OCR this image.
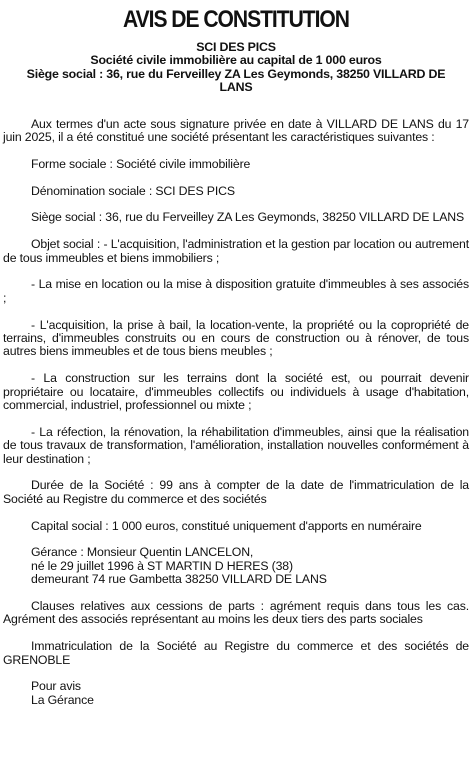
AVIS DE CONSTITUTION
SCI DES PICS
Société civile immobilière au capital de 1 000 euros
Siège social : 36, rue du Ferveilley ZA Les Geymonds, 38250 VILLARD DE
LANS
Aux termes d'un acte sous signature privée en date à VILLARD DE LANS du 17 juin 2025, il a été constitué une société présentant les caractéristiques suivantes :
Forme sociale : Société civile immobilière
Dénomination sociale : SCI DES PICS
Siège social : 36, rue du Ferveilley ZA Les Geymonds, 38250 VILLARD DE LANS
Objet social : - L'acquisition, l'administration et la gestion par location ou autrement de tous immeubles et biens immobiliers ;
- La mise en location ou la mise à disposition gratuite d'immeubles à ses associés ;
- L'acquisition, la prise à bail, la location-vente, la propriété ou la copropriété de terrains, d'immeubles construits ou en cours de construction ou à rénover, de tous autres biens immeubles et de tous biens meubles ;
- La construction sur les terrains dont la société est, ou pourrait devenir propriétaire ou locataire, d'immeubles collectifs ou individuels à usage d'habitation, commercial, industriel, professionnel ou mixte ;
- La réfection, la rénovation, la réhabilitation d'immeubles, ainsi que la réalisation de tous travaux de transformation, l'amélioration, installation nouvelles conformément à leur destination ;
Durée de la Société : 99 ans à compter de la date de l'immatriculation de la Société au Registre du commerce et des sociétés
Capital social : 1 000 euros, constitué uniquement d'apports en numéraire
Gérance : Monsieur Quentin LANCELON,
né le 29 juillet 1996 à ST MARTIN D HERES (38)
demeurant 74 rue Gambetta 38250 VILLARD DE LANS
Clauses relatives aux cessions de parts : agrément requis dans tous les cas. Agrément des associés représentant au moins les deux tiers des parts sociales
Immatriculation de la Société au Registre du commerce et des sociétés de GRENOBLE
Pour avis
La Gérance
